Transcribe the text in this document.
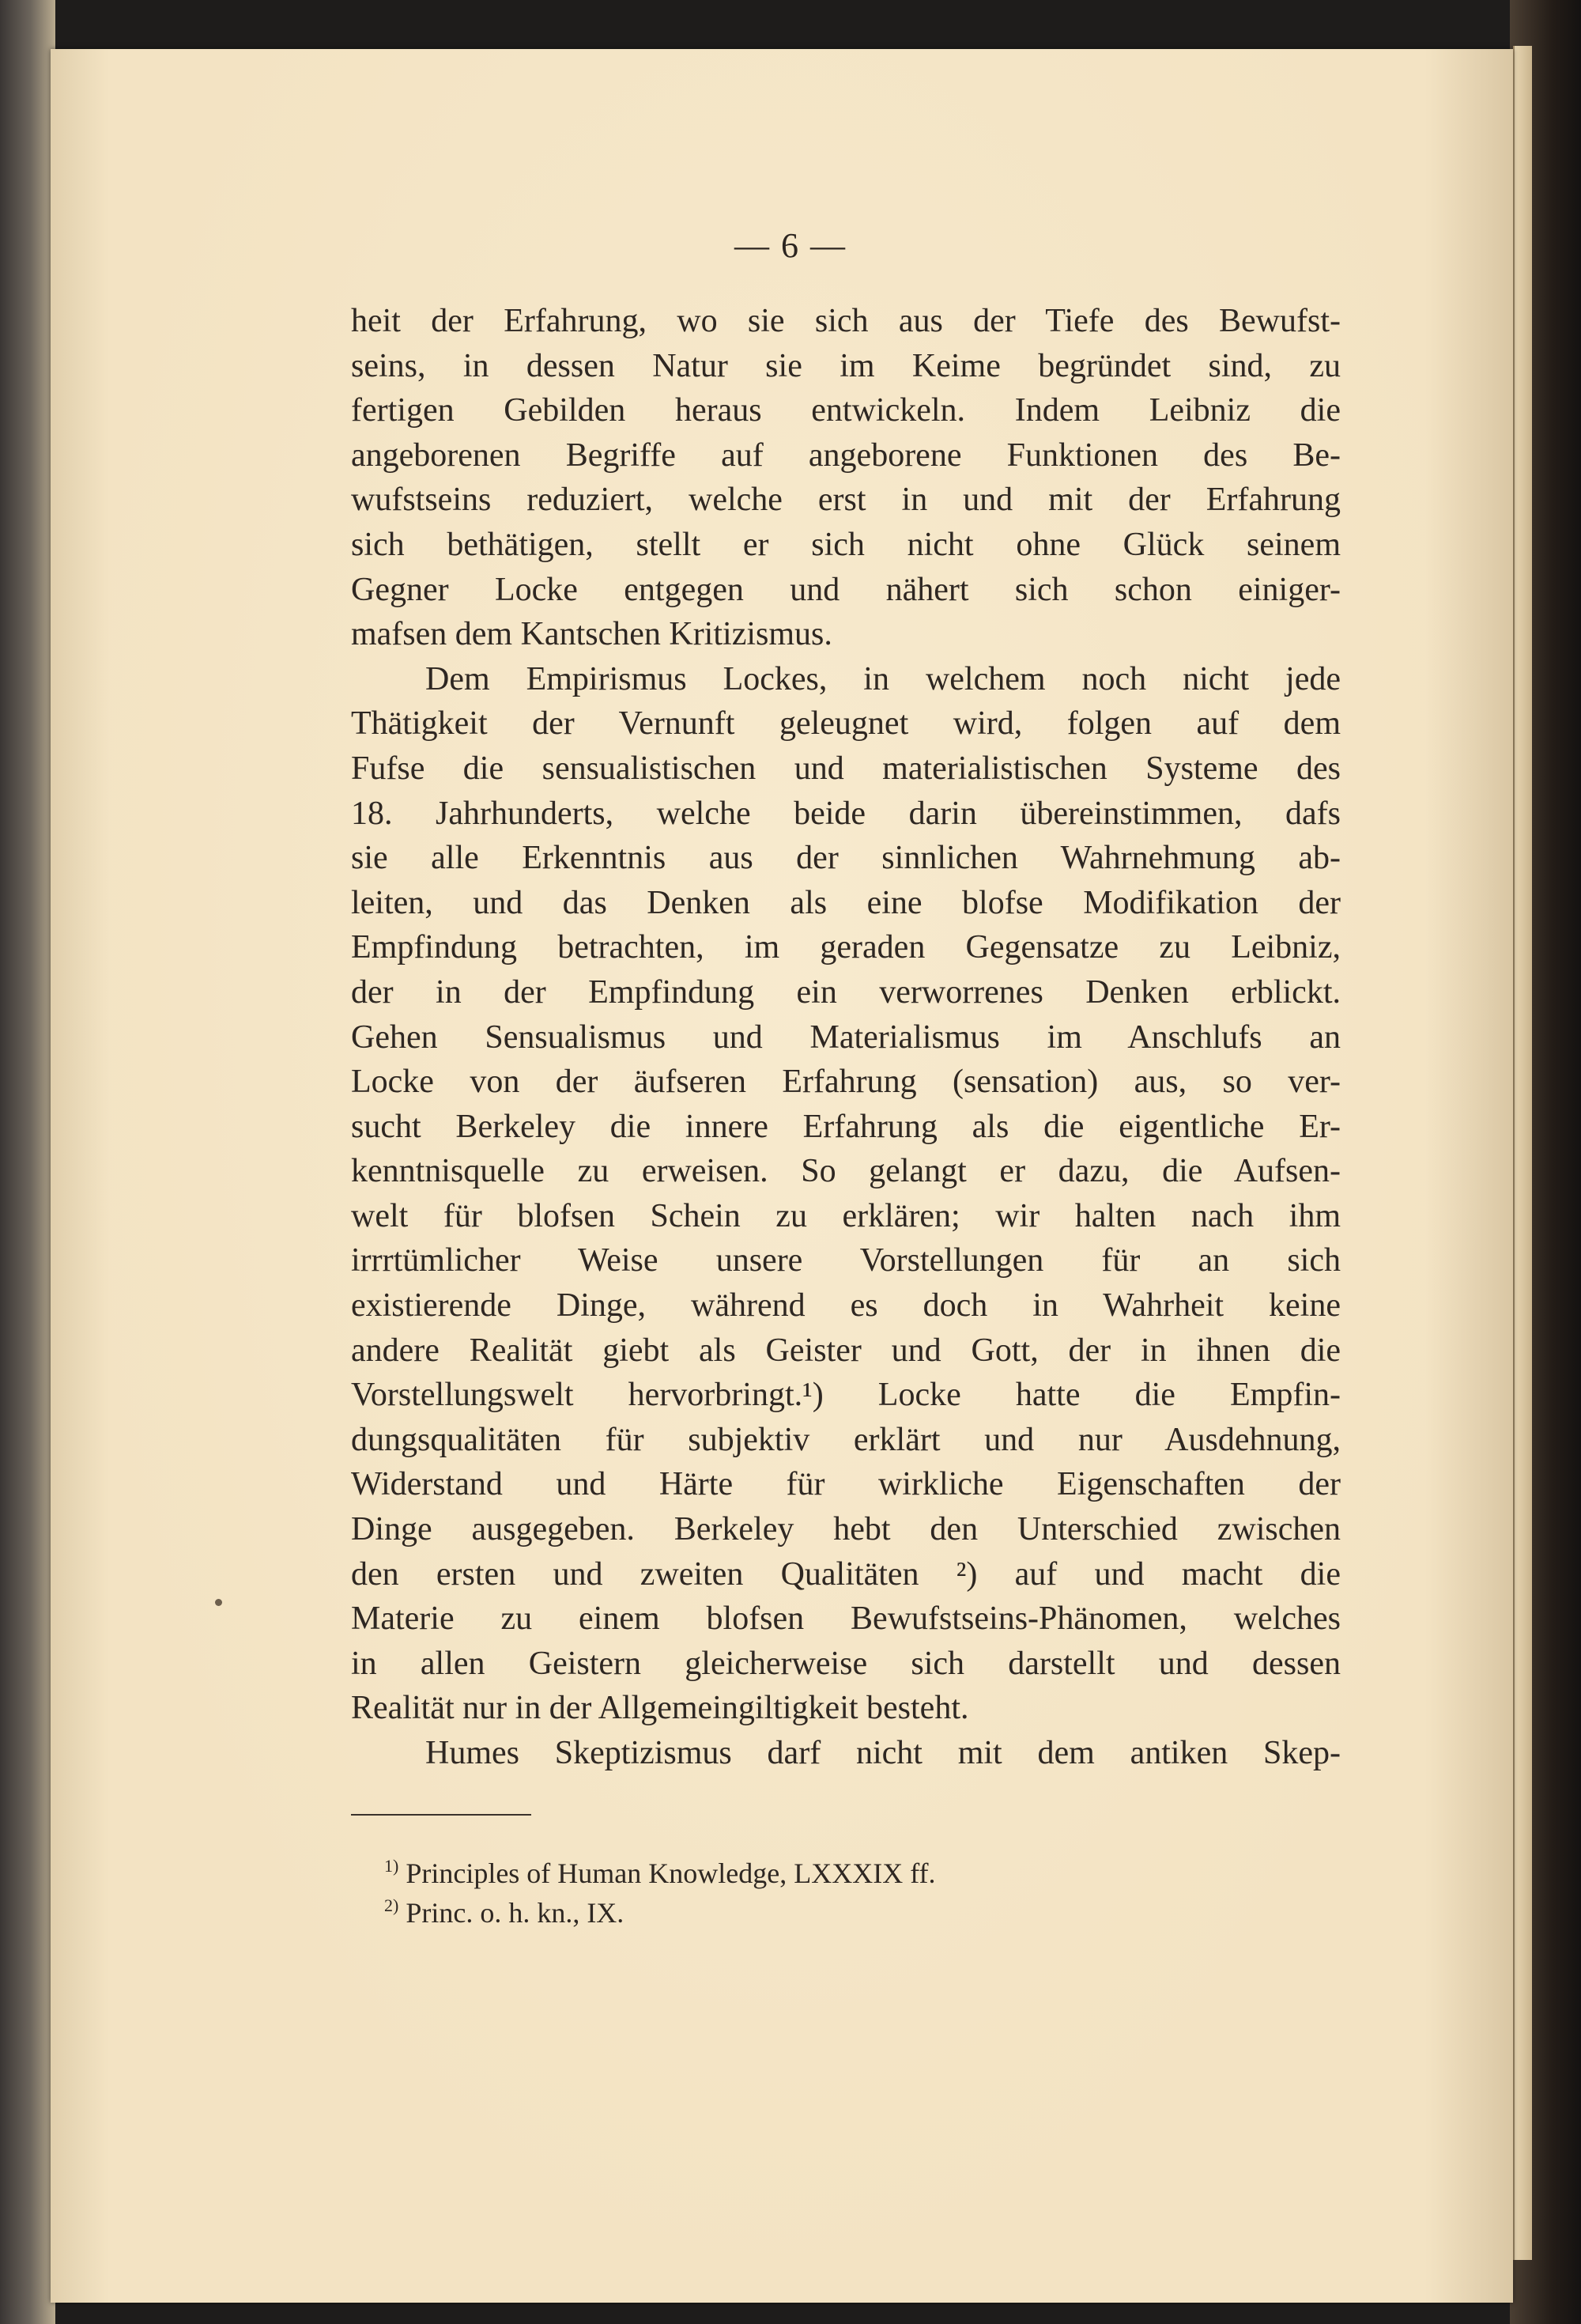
— 6 —
heit der Erfahrung, wo sie sich aus der Tiefe des Bewufst-
seins, in dessen Natur sie im Keime begründet sind, zu
fertigen Gebilden heraus entwickeln. Indem Leibniz die
angeborenen Begriffe auf angeborene Funktionen des Be-
wufstseins reduziert, welche erst in und mit der Erfahrung
sich bethätigen, stellt er sich nicht ohne Glück seinem
Gegner Locke entgegen und nähert sich schon einiger-
mafsen dem Kantschen Kritizismus.
Dem Empirismus Lockes, in welchem noch nicht jede
Thätigkeit der Vernunft geleugnet wird, folgen auf dem
Fufse die sensualistischen und materialistischen Systeme des
18. Jahrhunderts, welche beide darin übereinstimmen, dafs
sie alle Erkenntnis aus der sinnlichen Wahrnehmung ab-
leiten, und das Denken als eine blofse Modifikation der
Empfindung betrachten, im geraden Gegensatze zu Leibniz,
der in der Empfindung ein verworrenes Denken erblickt.
Gehen Sensualismus und Materialismus im Anschlufs an
Locke von der äufseren Erfahrung (sensation) aus, so ver-
sucht Berkeley die innere Erfahrung als die eigentliche Er-
kenntnisquelle zu erweisen. So gelangt er dazu, die Aufsen-
welt für blofsen Schein zu erklären; wir halten nach ihm
irrrtümlicher Weise unsere Vorstellungen für an sich
existierende Dinge, während es doch in Wahrheit keine
andere Realität giebt als Geister und Gott, der in ihnen die
Vorstellungswelt hervorbringt.¹) Locke hatte die Empfin-
dungsqualitäten für subjektiv erklärt und nur Ausdehnung,
Widerstand und Härte für wirkliche Eigenschaften der
Dinge ausgegeben. Berkeley hebt den Unterschied zwischen
den ersten und zweiten Qualitäten ²) auf und macht die
Materie zu einem blofsen Bewufstseins-Phänomen, welches
in allen Geistern gleicherweise sich darstellt und dessen
Realität nur in der Allgemeingiltigkeit besteht.
Humes Skeptizismus darf nicht mit dem antiken Skep-
$^{1)}$ Principles of Human Knowledge, LXXXIX ff.
$^{2)}$ Princ. o. h. kn., IX.
